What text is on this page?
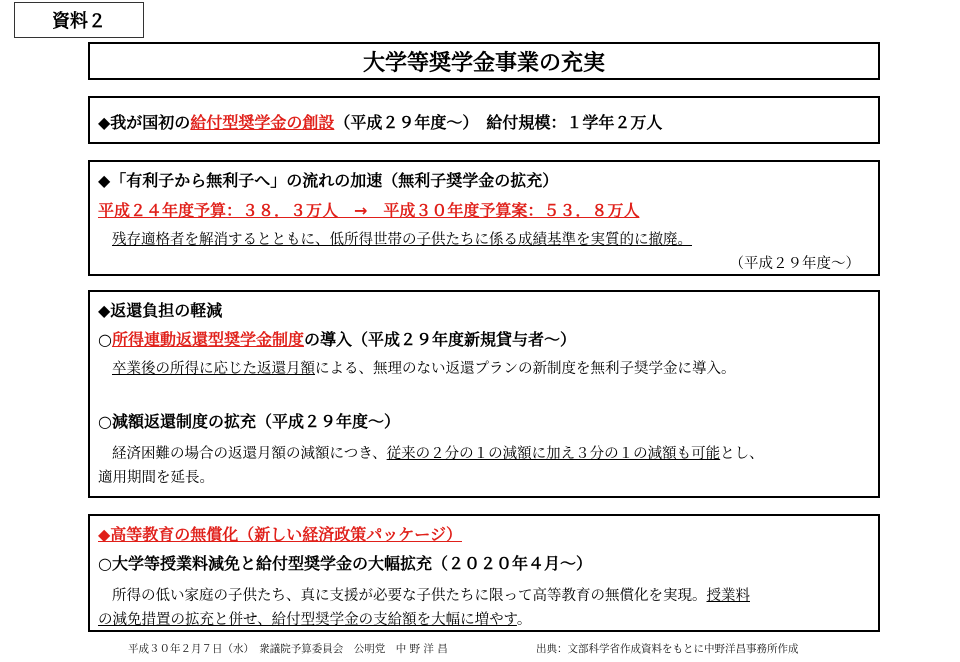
資料２
大学等奨学金事業の充実
◆我が国初の給付型奨学金の創設（平成２９年度～）　給付規模：１学年２万人
◆「有利子から無利子へ」の流れの加速（無利子奨学金の拡充）
平成２４年度予算：３８．３万人　→　平成３０年度予算案：５３．８万人
残存適格者を解消するとともに、低所得世帯の子供たちに係る成績基準を実質的に撤廃。
（平成２９年度～）
◆返還負担の軽減
○所得連動返還型奨学金制度の導入（平成２９年度新規貸与者～）
卒業後の所得に応じた返還月額による、無理のない返還プランの新制度を無利子奨学金に導入。
○減額返還制度の拡充（平成２９年度～）
経済困難の場合の返還月額の減額につき、従来の２分の１の減額に加え３分の１の減額も可能とし、
適用期間を延長。
◆高等教育の無償化（新しい経済政策パッケージ）
○大学等授業料減免と給付型奨学金の大幅拡充（２０２０年４月～）
所得の低い家庭の子供たち、真に支援が必要な子供たちに限って高等教育の無償化を実現。授業料
の減免措置の拡充と併せ、給付型奨学金の支給額を大幅に増やす。
平成３０年２月７日（水）　衆議院予算委員会　公明党　中 野 洋 昌	出典：文部科学省作成資料をもとに中野洋昌事務所作成
